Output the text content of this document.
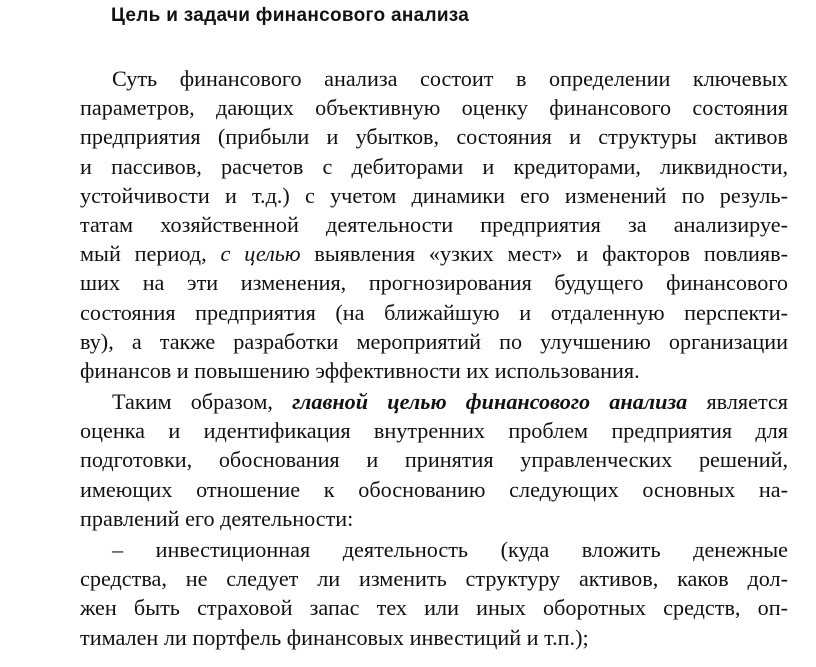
Цель и задачи финансового анализа
Суть финансового анализа состоит в определении ключевых
параметров, дающих объективную оценку финансового состояния
предприятия (прибыли и убытков, состояния и структуры активов
и пассивов, расчетов с дебиторами и кредиторами, ликвидности,
устойчивости и т.д.) с учетом динамики его изменений по резуль-
татам хозяйственной деятельности предприятия за анализируе-
мый период, с целью выявления «узких мест» и факторов повлияв-
ших на эти изменения, прогнозирования будущего финансового
состояния предприятия (на ближайшую и отдаленную перспекти-
ву), а также разработки мероприятий по улучшению организации
финансов и повышению эффективности их использования.
Таким образом, главной целью финансового анализа является
оценка и идентификация внутренних проблем предприятия для
подготовки, обоснования и принятия управленческих решений,
имеющих отношение к обоснованию следующих основных на-
правлений его деятельности:
– инвестиционная деятельность (куда вложить денежные
средства, не следует ли изменить структуру активов, каков дол-
жен быть страховой запас тех или иных оборотных средств, оп-
тимален ли портфель финансовых инвестиций и т.п.);
